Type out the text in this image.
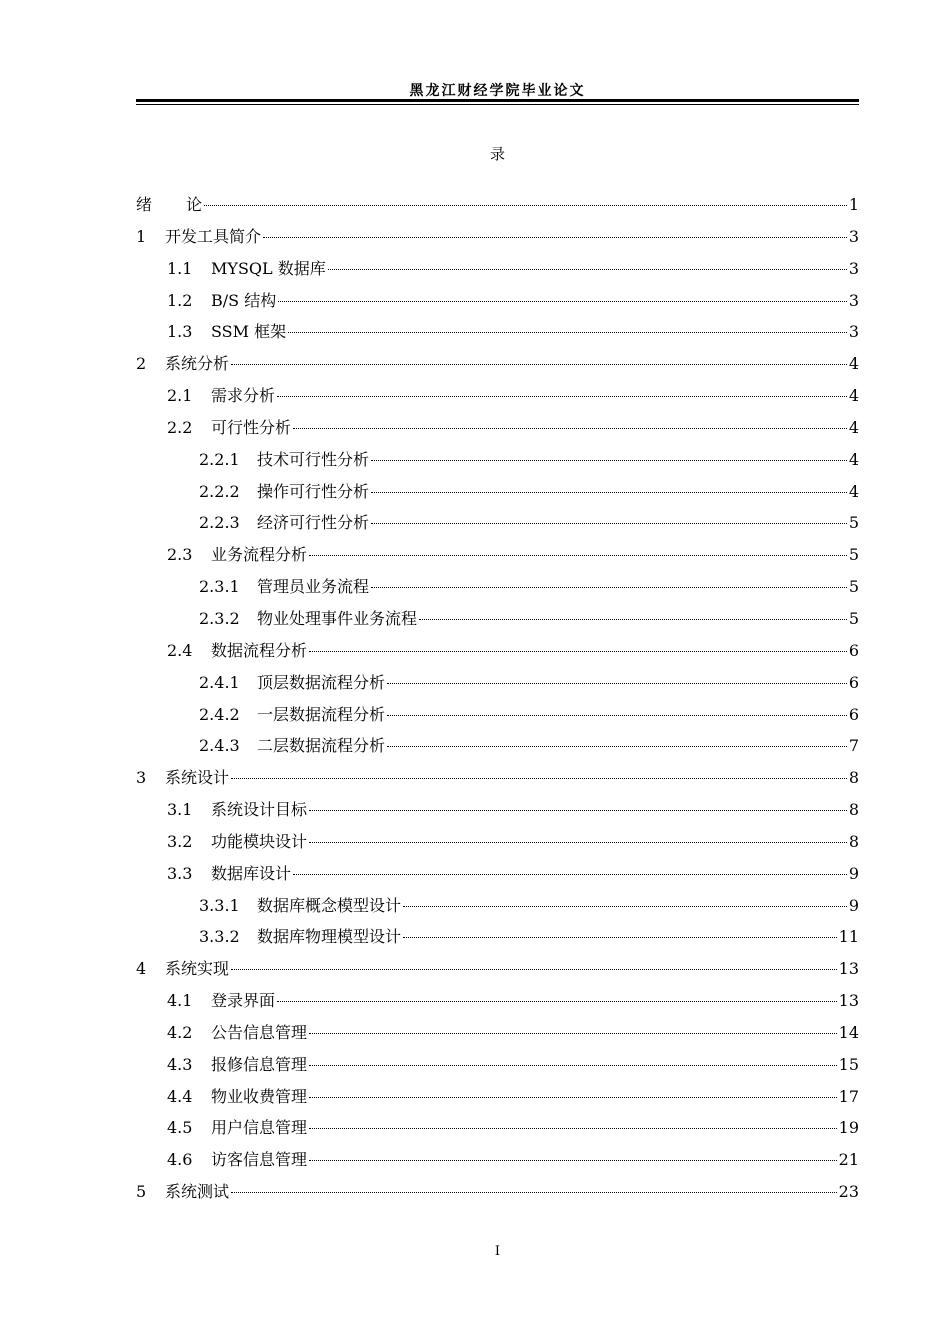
黑龙江财经学院毕业论文
录
绪论	1
1	开发工具简介	3
1.1	MYSQL 数据库	3
1.2	B/S 结构	3
1.3	SSM 框架	3
2	系统分析	4
2.1	需求分析	4
2.2	可行性分析	4
2.2.1	技术可行性分析	4
2.2.2	操作可行性分析	4
2.2.3	经济可行性分析	5
2.3	业务流程分析	5
2.3.1	管理员业务流程	5
2.3.2	物业处理事件业务流程	5
2.4	数据流程分析	6
2.4.1	顶层数据流程分析	6
2.4.2	一层数据流程分析	6
2.4.3	二层数据流程分析	7
3	系统设计	8
3.1	系统设计目标	8
3.2	功能模块设计	8
3.3	数据库设计	9
3.3.1	数据库概念模型设计	9
3.3.2	数据库物理模型设计	11
4	系统实现	13
4.1	登录界面	13
4.2	公告信息管理	14
4.3	报修信息管理	15
4.4	物业收费管理	17
4.5	用户信息管理	19
4.6	访客信息管理	21
5	系统测试	23
I
